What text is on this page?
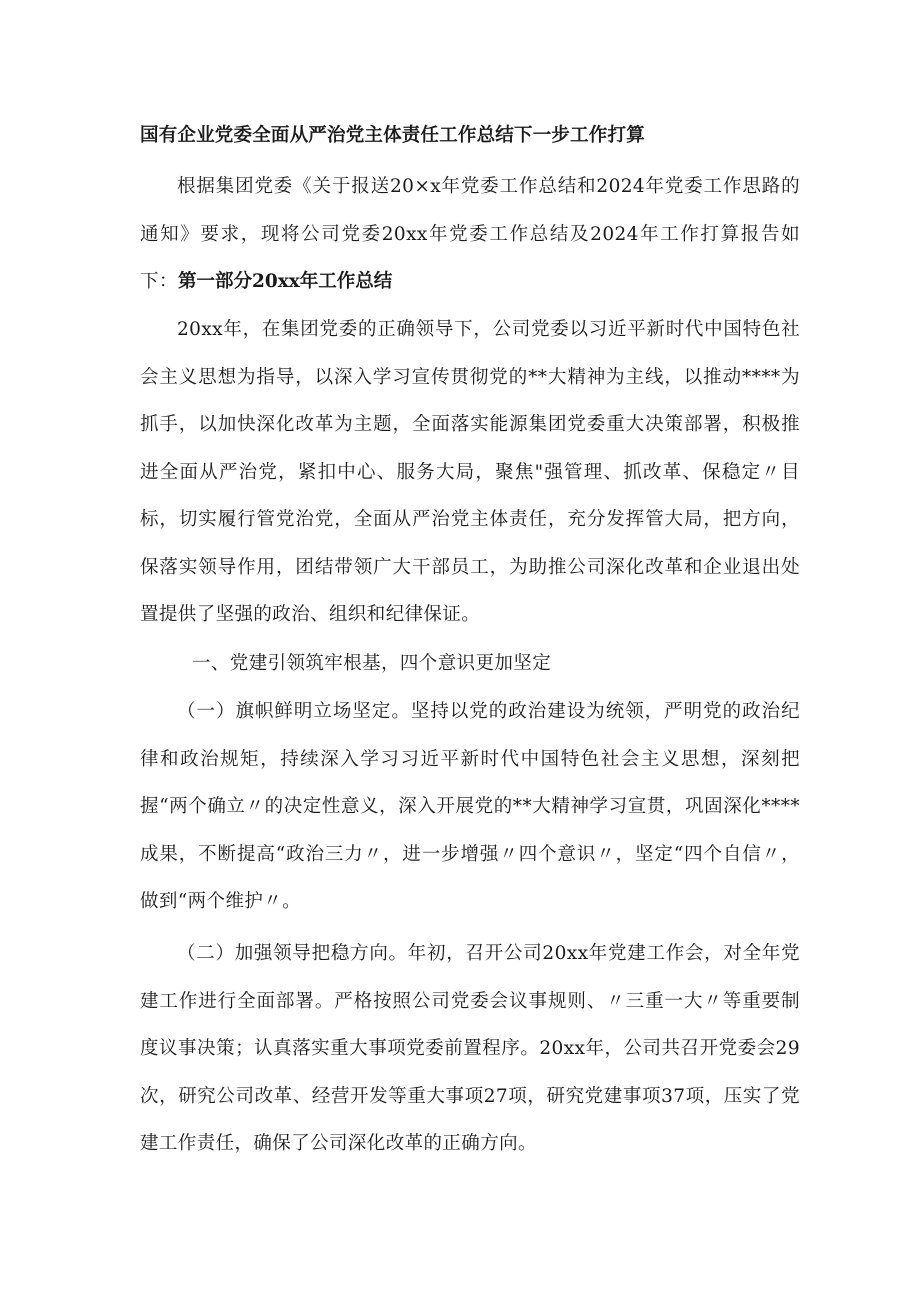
国有企业党委全面从严治党主体责任工作总结下一步工作打算

根据集团党委《关于报送20×x年党委工作总结和2024年党委工作思路的通知》要求，现将公司党委20xx年党委工作总结及2024年工作打算报告如下： 第一部分20xx年工作总结

20xx年，在集团党委的正确领导下，公司党委以习近平新时代中国特色社会主义思想为指导，以深入学习宣传贯彻党的**大精神为主线，以推动****为抓手，以加快深化改革为主题，全面落实能源集团党委重大决策部署，积极推进全面从严治党，紧扣中心、服务大局，聚焦"强管理、抓改革、保稳定〃目标，切实履行管党治党，全面从严治党主体责任，充分发挥管大局，把方向，保落实领导作用，团结带领广大干部员工，为助推公司深化改革和企业退出处置提供了坚强的政治、组织和纪律保证。

一、党建引领筑牢根基，四个意识更加坚定

（一）旗帜鲜明立场坚定。坚持以党的政治建设为统领，严明党的政治纪律和政治规矩，持续深入学习习近平新时代中国特色社会主义思想，深刻把握“两个确立〃的决定性意义，深入开展党的**大精神学习宣贯，巩固深化****成果，不断提高“政治三力〃，进一步增强〃四个意识〃，坚定“四个自信〃，做到“两个维护〃。

（二）加强领导把稳方向。年初，召开公司20xx年党建工作会，对全年党建工作进行全面部署。严格按照公司党委会议事规则、〃三重一大〃等重要制度议事决策；认真落实重大事项党委前置程序。20xx年，公司共召开党委会29次，研究公司改革、经营开发等重大事项27项，研究党建事项37项，压实了党建工作责任，确保了公司深化改革的正确方向。
